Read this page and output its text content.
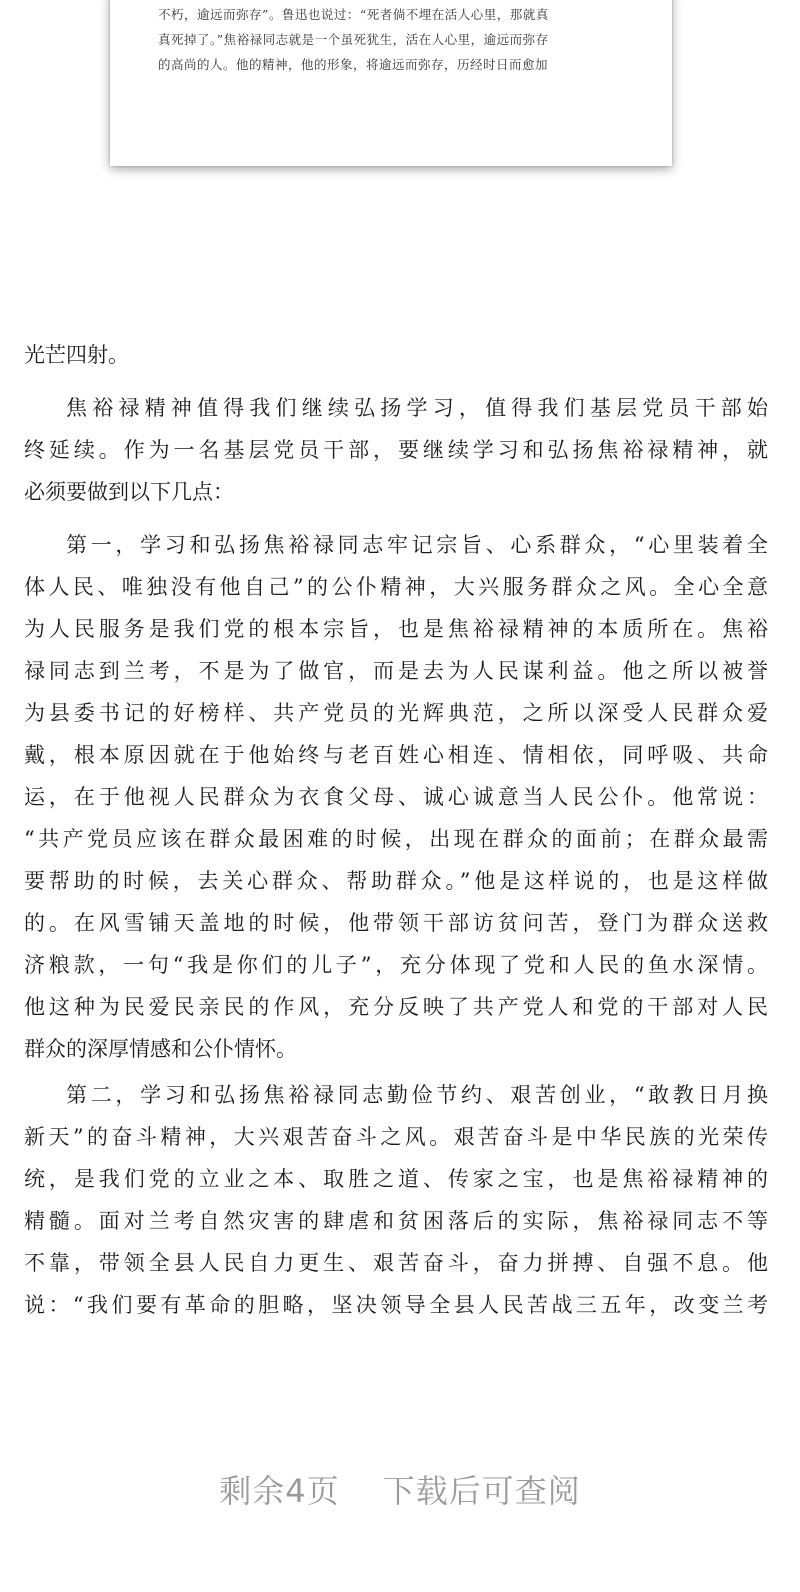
不朽，逾远而弥存”。鲁迅也说过：“死者倘不埋在活人心里，那就真
真死掉了。”焦裕禄同志就是一个虽死犹生，活在人心里，逾远而弥存
的高尚的人。他的精神，他的形象，将逾远而弥存，历经时日而愈加
光芒四射。
焦裕禄精神值得我们继续弘扬学习，值得我们基层党员干部始
终延续。作为一名基层党员干部，要继续学习和弘扬焦裕禄精神，就
必须要做到以下几点：
第一，学习和弘扬焦裕禄同志牢记宗旨、心系群众，“心里装着全
体人民、唯独没有他自己”的公仆精神，大兴服务群众之风。全心全意
为人民服务是我们党的根本宗旨，也是焦裕禄精神的本质所在。焦裕
禄同志到兰考，不是为了做官，而是去为人民谋利益。他之所以被誉
为县委书记的好榜样、共产党员的光辉典范，之所以深受人民群众爱
戴，根本原因就在于他始终与老百姓心相连、情相依，同呼吸、共命
运，在于他视人民群众为衣食父母、诚心诚意当人民公仆。他常说：
“共产党员应该在群众最困难的时候，出现在群众的面前；在群众最需
要帮助的时候，去关心群众、帮助群众。”他是这样说的，也是这样做
的。在风雪铺天盖地的时候，他带领干部访贫问苦，登门为群众送救
济粮款，一句“我是你们的儿子”，充分体现了党和人民的鱼水深情。
他这种为民爱民亲民的作风，充分反映了共产党人和党的干部对人民
群众的深厚情感和公仆情怀。
第二，学习和弘扬焦裕禄同志勤俭节约、艰苦创业，“敢教日月换
新天”的奋斗精神，大兴艰苦奋斗之风。艰苦奋斗是中华民族的光荣传
统，是我们党的立业之本、取胜之道、传家之宝，也是焦裕禄精神的
精髓。面对兰考自然灾害的肆虐和贫困落后的实际，焦裕禄同志不等
不靠，带领全县人民自力更生、艰苦奋斗，奋力拼搏、自强不息。他
说：“我们要有革命的胆略，坚决领导全县人民苦战三五年，改变兰考
剩余4页 下载后可查阅
